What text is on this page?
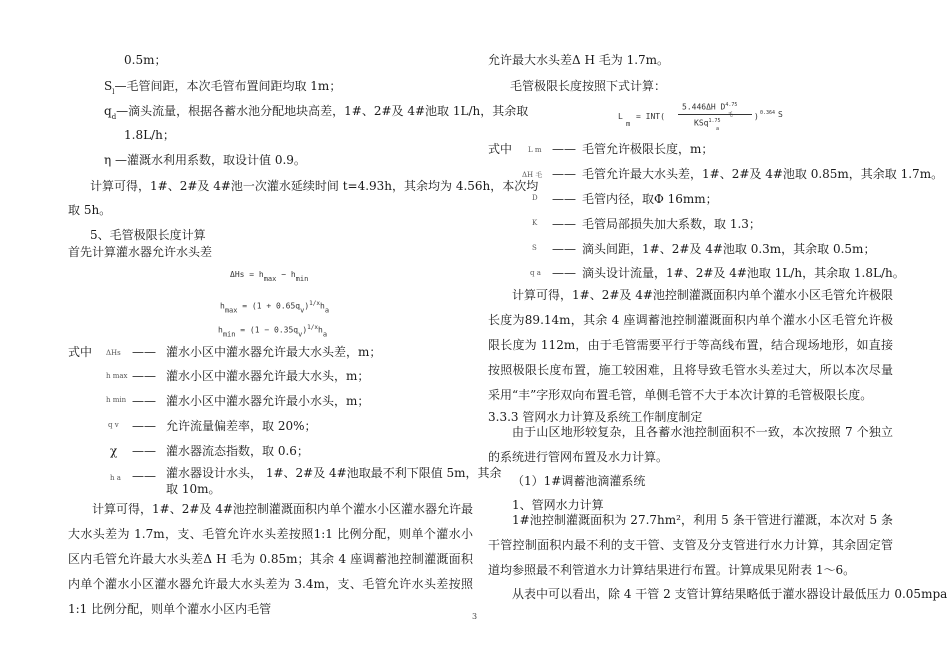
0.5m；
$S_l—$毛管间距，本次毛管布置间距均取 1m；
$q_d—$滴头流量，根据各蓄水池分配地块高差，1#、2#及 4#池取 1L/h，其余取
1.8L/h；
η —灌溉水利用系数，取设计值 0.9。
计算可得，1#、2#及 4#池一次灌水延续时间 t=4.93h，其余均为 4.56h，本次均
取 5h。
5、毛管极限长度计算
首先计算灌水器允许水头差
ΔHs = hmax − hmin
$hmax = (1 + 0.65qv)^{1/x}ha$
$hmin = (1 - 0.35qv)^{1/x}ha$
式中 ΔHs —— 灌水小区中灌水器允许最大水头差，m；
h max —— 灌水小区中灌水器允许最大水头，m；
h min —— 灌水小区中灌水器允许最小水头，m；
q v —— 允许流量偏差率，取 20%；
χ —— 灌水器流态指数，取 0.6；
h a —— 灌水器设计水头， 1#、2#及 4#池取最不利下限值 5m，其余
取 10m。
计算可得，1#、2#及 4#池控制灌溉面积内单个灌水小区灌水器允许最大水头差为 1.7m，支、毛管允许水头差按照1:1 比例分配，则单个灌水小区内毛管允许最大水头差Δ H 毛为 0.85m；其余 4 座调蓄池控制灌溉面积内单个灌水小区灌水器允许最大水头差为 3.4m，支、毛管允许水头差按照1:1 比例分配，则单个灌水小区内毛管
允许最大水头差Δ H 毛为 1.7m。
毛管极限长度按照下式计算：
L
m
= INT(
5.446ΔH $D^{4.75}$
毛
KSq$^{1.75}$
a
) 0.364 S
式中 L m —— 毛管允许极限长度，m；
ΔH 毛 —— 毛管允许最大水头差，1#、2#及 4#池取 0.85m，其余取 1.7m。
D —— 毛管内径，取Φ 16mm；
K —— 毛管局部损失加大系数，取 1.3；
S —— 滴头间距，1#、2#及 4#池取 0.3m，其余取 0.5m；
q a —— 滴头设计流量，1#、2#及 4#池取 1L/h，其余取 1.8L/h。
计算可得，1#、2#及 4#池控制灌溉面积内单个灌水小区毛管允许极限长度为89.14m，其余 4 座调蓄池控制灌溉面积内单个灌水小区毛管允许极限长度为 112m，由于毛管需要平行于等高线布置，结合现场地形，如直接按照极限长度布置，施工较困难，且将导致毛管水头差过大，所以本次尽量采用“丰”字形双向布置毛管，单侧毛管不大于本次计算的毛管极限长度。
3.3.3 管网水力计算及系统工作制度制定
由于山区地形较复杂，且各蓄水池控制面积不一致，本次按照 7 个独立的系统进行管网布置及水力计算。
（1）1#调蓄池滴灌系统
1、管网水力计算
1#池控制灌溉面积为 27.7hm²，利用 5 条干管进行灌溉，本次对 5 条干管控制面积内最不利的支干管、支管及分支管进行水力计算，其余固定管道均参照最不利管道水力计算结果进行布置。计算成果见附表 1～6。
从表中可以看出，除 4 干管 2 支管计算结果略低于灌水器设计最低压力 0.05mpa
3
